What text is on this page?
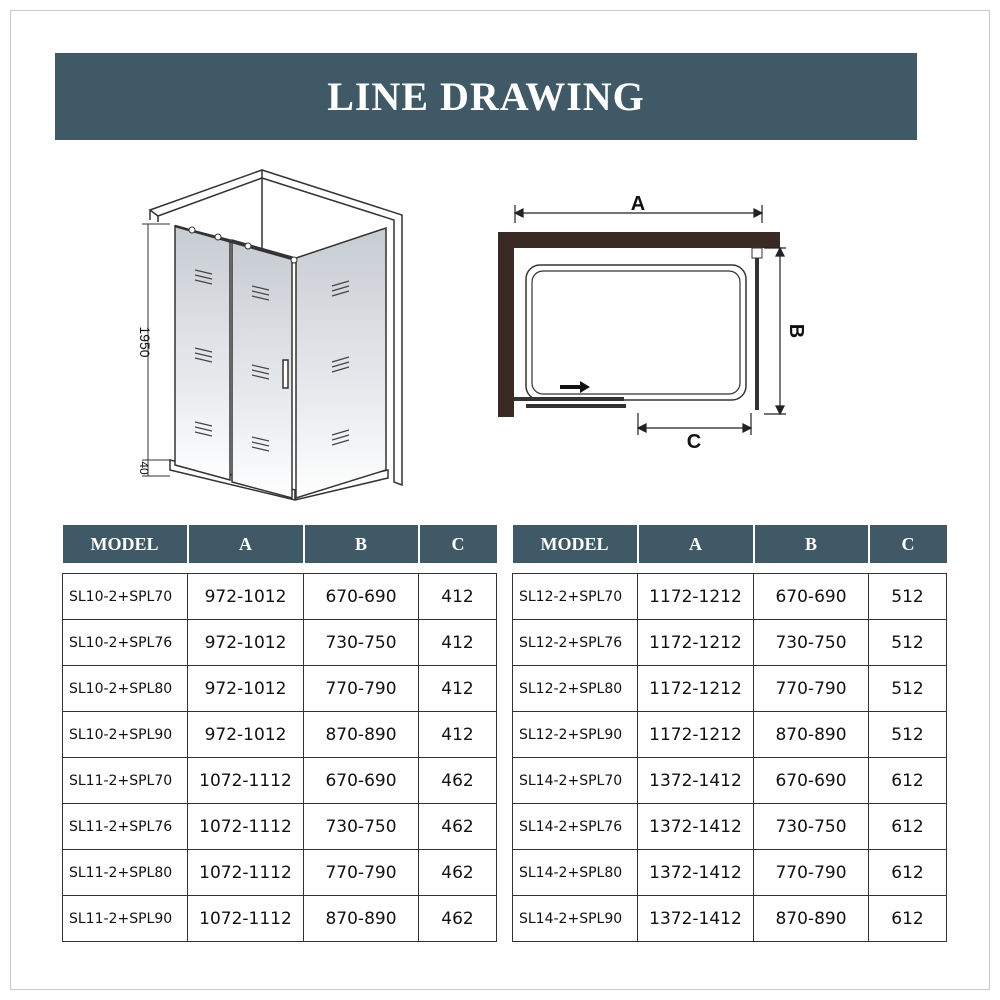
LINE DRAWING
1950
40
A
B
C
MODEL	A	B	C

SL10-2+SPL70	972-1012	670-690	412
SL10-2+SPL76	972-1012	730-750	412
SL10-2+SPL80	972-1012	770-790	412
SL10-2+SPL90	972-1012	870-890	412
SL11-2+SPL70	1072-1112	670-690	462
SL11-2+SPL76	1072-1112	730-750	462
SL11-2+SPL80	1072-1112	770-790	462
SL11-2+SPL90	1072-1112	870-890	462
MODEL	A	B	C

SL12-2+SPL70	1172-1212	670-690	512
SL12-2+SPL76	1172-1212	730-750	512
SL12-2+SPL80	1172-1212	770-790	512
SL12-2+SPL90	1172-1212	870-890	512
SL14-2+SPL70	1372-1412	670-690	612
SL14-2+SPL76	1372-1412	730-750	612
SL14-2+SPL80	1372-1412	770-790	612
SL14-2+SPL90	1372-1412	870-890	612
